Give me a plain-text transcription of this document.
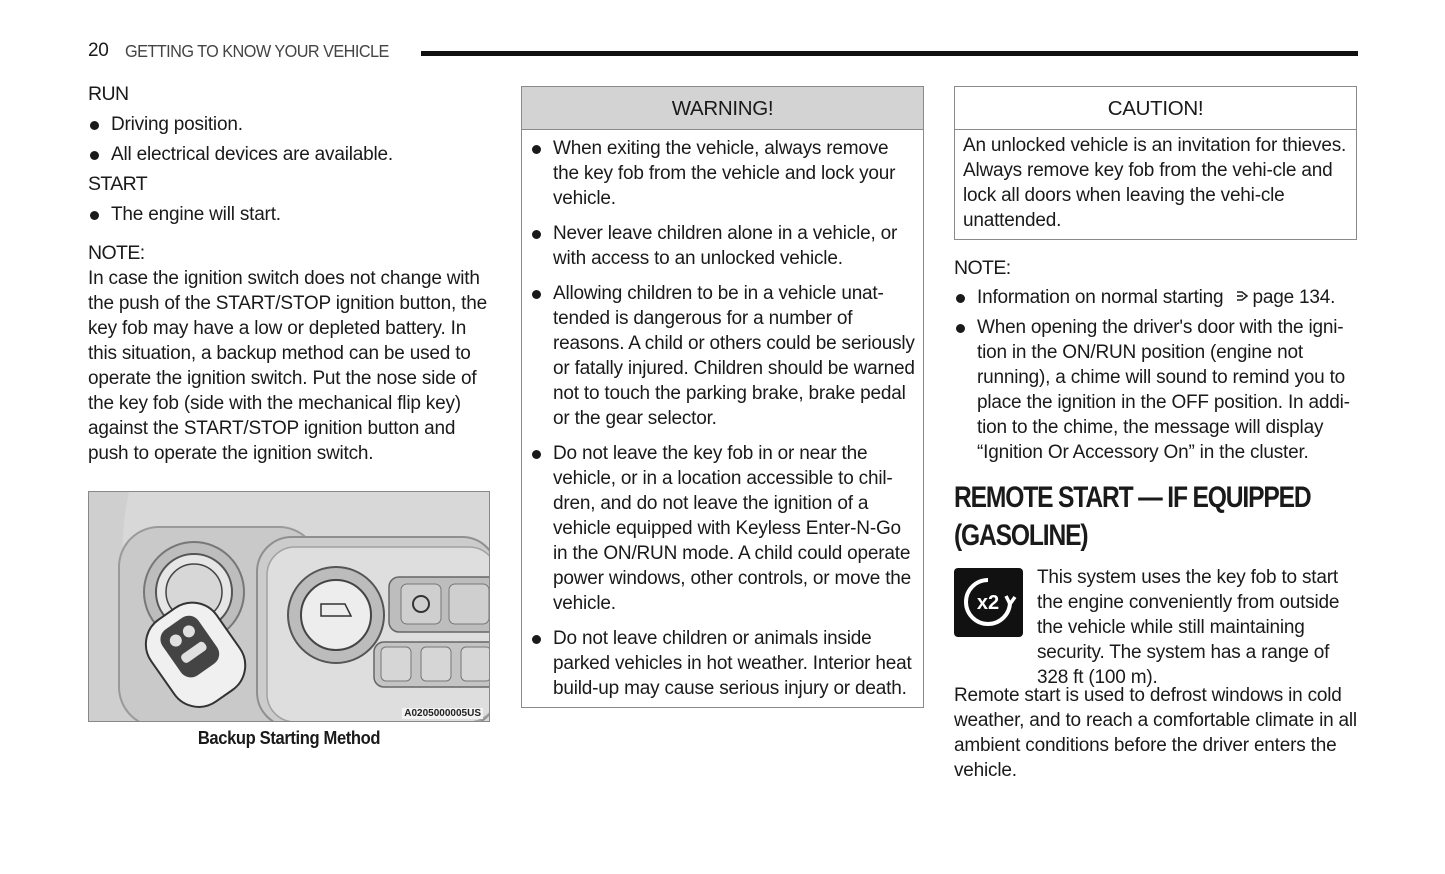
20 GETTING TO KNOW YOUR VEHICLE
RUN
Driving position.
All electrical devices are available.
START
The engine will start.
NOTE:

In case the ignition switch does not change with the push of the START/STOP ignition button, the key fob may have a low or depleted battery. In this situation, a backup method can be used to operate the ignition switch. Put the nose side of the key fob (side with the mechanical flip key) against the START/STOP ignition button and push to operate the ignition switch.

A0205000005US
Backup Starting Method
WARNING!
When exiting the vehicle, always remove the key fob from the vehicle and lock your vehicle.
Never leave children alone in a vehicle, or with access to an unlocked vehicle.
Allowing children to be in a vehicle unat-tended is dangerous for a number of reasons. A child or others could be seriously or fatally injured. Children should be warned not to touch the parking brake, brake pedal or the gear selector.
Do not leave the key fob in or near the vehicle, or in a location accessible to chil-dren, and do not leave the ignition of a vehicle equipped with Keyless Enter-N-Go in the ON/RUN mode. A child could operate power windows, other controls, or move the vehicle.
Do not leave children or animals inside parked vehicles in hot weather. Interior heat build-up may cause serious injury or death.
CAUTION!

An unlocked vehicle is an invitation for thieves. Always remove key fob from the vehi-cle and lock all doors when leaving the vehi-cle unattended.

NOTE:
Information on normal starting page 134.
When opening the driver's door with the igni-tion in the ON/RUN position (engine not running), a chime will sound to remind you to place the ignition in the OFF position. In addi-tion to the chime, the message will display “Ignition Or Accessory On” in the cluster.
REMOTE START — IF EQUIPPED (GASOLINE)
x2

This system uses the key fob to start the engine conveniently from outside the vehicle while still maintaining security. The system has a range of 328 ft (100 m).

Remote start is used to defrost windows in cold weather, and to reach a comfortable climate in all ambient conditions before the driver enters the vehicle.
